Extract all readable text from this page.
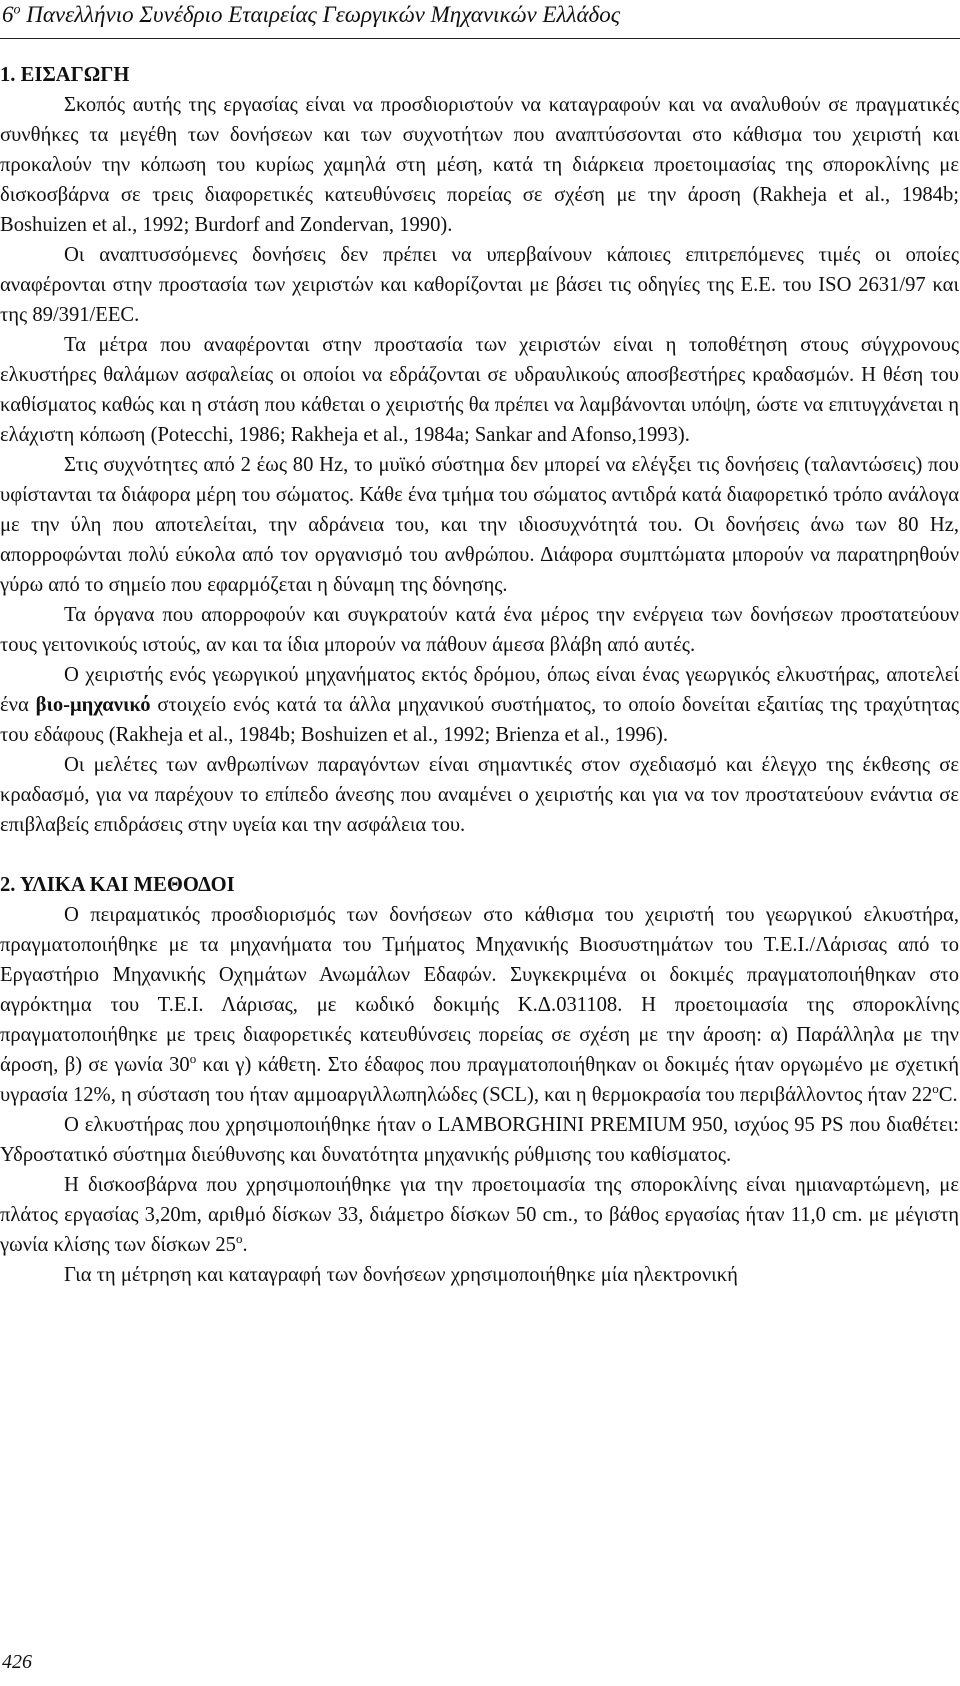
$6^o$ Πανελλήνιο Συνέδριο Εταιρείας Γεωργικών Μηχανικών Ελλάδος
1. ΕΙΣΑΓΩΓΗ

Σκοπός αυτής της εργασίας είναι να προσδιοριστούν να καταγραφούν και να αναλυθούν σε πραγματικές συνθήκες τα μεγέθη των δονήσεων και των συχνοτήτων που αναπτύσσονται στο κάθισμα του χειριστή και προκαλούν την κόπωση του κυρίως χαμηλά στη μέση, κατά τη διάρκεια προετοιμασίας της σποροκλίνης με δισκοσβάρνα σε τρεις διαφορετικές κατευθύνσεις πορείας σε σχέση με την άροση (Rakheja et al., 1984b; Boshuizen et al., 1992; Burdorf and Zondervan, 1990).

Οι αναπτυσσόμενες δονήσεις δεν πρέπει να υπερβαίνουν κάποιες επιτρεπόμενες τιμές οι οποίες αναφέρονται στην προστασία των χειριστών και καθορίζονται με βάσει τις οδηγίες της Ε.Ε. του ISO 2631/97 και της 89/391/ΕΕC.

Τα μέτρα που αναφέρονται στην προστασία των χειριστών είναι η τοποθέτηση στους σύγχρονους ελκυστήρες θαλάμων ασφαλείας οι οποίοι να εδράζονται σε υδραυλικούς αποσβεστήρες κραδασμών. Η θέση του καθίσματος καθώς και η στάση που κάθεται ο χειριστής θα πρέπει να λαμβάνονται υπόψη, ώστε να επιτυγχάνεται η ελάχιστη κόπωση (Potecchi, 1986; Rakheja et al., 1984a; Sankar and Afonso,1993).

Στις συχνότητες από 2 έως 80 Hz, το μυϊκό σύστημα δεν μπορεί να ελέγξει τις δονήσεις (ταλαντώσεις) που υφίστανται τα διάφορα μέρη του σώματος. Κάθε ένα τμήμα του σώματος αντιδρά κατά διαφορετικό τρόπο ανάλογα με την ύλη που αποτελείται, την αδράνεια του, και την ιδιοσυχνότητά του. Οι δονήσεις άνω των 80 Hz, απορροφώνται πολύ εύκολα από τον οργανισμό του ανθρώπου. Διάφορα συμπτώματα μπορούν να παρατηρηθούν γύρω από το σημείο που εφαρμόζεται η δύναμη της δόνησης.

Τα όργανα που απορροφούν και συγκρατούν κατά ένα μέρος την ενέργεια των δονήσεων προστατεύουν τους γειτονικούς ιστούς, αν και τα ίδια μπορούν να πάθουν άμεσα βλάβη από αυτές.

Ο χειριστής ενός γεωργικού μηχανήματος εκτός δρόμου, όπως είναι ένας γεωργικός ελκυστήρας, αποτελεί ένα βιο-μηχανικό στοιχείο ενός κατά τα άλλα μηχανικού συστήματος, το οποίο δονείται εξαιτίας της τραχύτητας του εδάφους (Rakheja et al., 1984b; Boshuizen et al., 1992; Brienza et al., 1996).

Οι μελέτες των ανθρωπίνων παραγόντων είναι σημαντικές στον σχεδιασμό και έλεγχο της έκθεσης σε κραδασμό, για να παρέχουν το επίπεδο άνεσης που αναμένει ο χειριστής και για να τον προστατεύουν ενάντια σε επιβλαβείς επιδράσεις στην υγεία και την ασφάλεια του.

2. ΥΛΙΚΑ ΚΑΙ ΜΕΘΟΔΟΙ

Ο πειραματικός προσδιορισμός των δονήσεων στο κάθισμα του χειριστή του γεωργικού ελκυστήρα, πραγματοποιήθηκε με τα μηχανήματα του Τμήματος Μηχανικής Βιοσυστημάτων του Τ.Ε.Ι./Λάρισας από το Εργαστήριο Μηχανικής Οχημάτων Ανωμάλων Εδαφών. Συγκεκριμένα οι δοκιμές πραγματοποιήθηκαν στο αγρόκτημα του Τ.Ε.Ι. Λάρισας, με κωδικό δοκιμής Κ.Δ.031108. Η προετοιμασία της σποροκλίνης πραγματοποιήθηκε με τρεις διαφορετικές κατευθύνσεις πορείας σε σχέση με την άροση: α) Παράλληλα με την άροση, β) σε γωνία $30^o$ και γ) κάθετη. Στο έδαφος που πραγματοποιήθηκαν οι δοκιμές ήταν οργωμένο με σχετική υγρασία 12%, η σύσταση του ήταν αμμοαργιλλωπηλώδες (SCL), και η θερμοκρασία του περιβάλλοντος ήταν $22^oC$.

Ο ελκυστήρας που χρησιμοποιήθηκε ήταν ο LAMBORGHINI PREMIUM 950, ισχύος 95 PS που διαθέτει: Υδροστατικό σύστημα διεύθυνσης και δυνατότητα μηχανικής ρύθμισης του καθίσματος.

Η δισκοσβάρνα που χρησιμοποιήθηκε για την προετοιμασία της σποροκλίνης είναι ημιαναρτώμενη, με πλάτος εργασίας 3,20m, αριθμό δίσκων 33, διάμετρο δίσκων 50 cm., το βάθος εργασίας ήταν 11,0 cm. με μέγιστη γωνία κλίσης των δίσκων $25^o$.

Για τη μέτρηση και καταγραφή των δονήσεων χρησιμοποιήθηκε μία ηλεκτρονική

426
